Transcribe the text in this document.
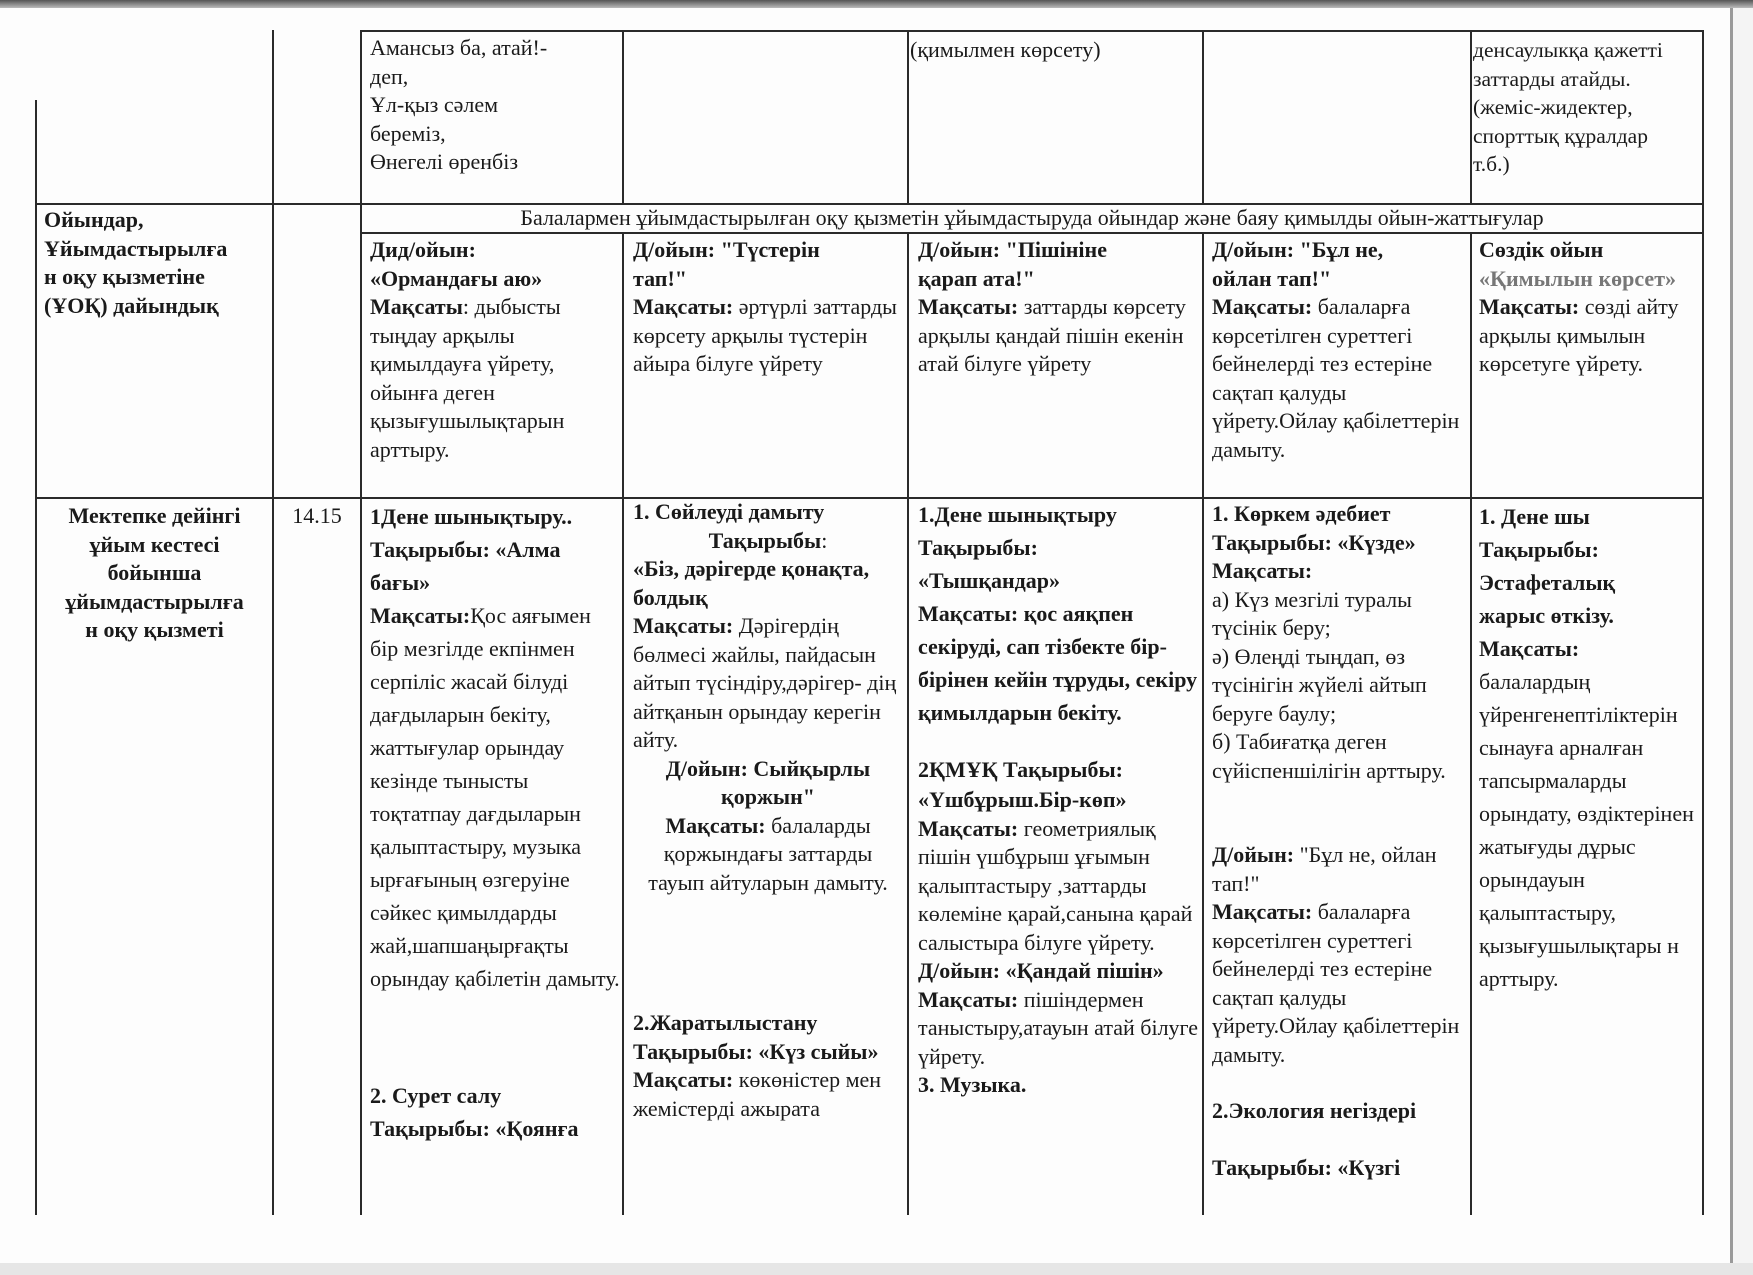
Амансыз ба, атай!-
деп,
Ұл-қыз сәлем
береміз,
Өнегелі өренбіз
(қимылмен көрсету)	денсаулыкқа қажетті
заттарды атайды.
(жеміс-жидектер,
спорттық құралдар
т.б.)
Ойындар,
Ұйымдастырылға
н оқу қызметіне
(ҰОҚ) дайындық
Балалармен ұйымдастырылған оқу қызметін ұйымдастыруда ойындар және баяу қимылды ойын-жаттығулар
Дид/ойын:
«Ормандағы аю»
Мақсаты: дыбысты тыңдау арқылы қимылдауға үйрету, ойынға деген қызығушылықтарын арттыру.
Д/ойын: "Түстерін
тап!"
Мақсаты: әртүрлі заттарды көрсету арқылы түстерін айыра білуге үйрету
Д/ойын: "Пішініне
қарап ата!"
Мақсаты: заттарды көрсету арқылы қандай пішін екенін атай білуге үйрету
Д/ойын: "Бұл не,
ойлан тап!"
Мақсаты: балаларға көрсетілген суреттегі бейнелерді тез естеріне сақтап қалуды үйрету.Ойлау қабілеттерін дамыту.
Сөздік ойын
«Қимылын көрсет» Мақсаты: сөзді айту арқылы қимылын көрсетуге үйрету.
Мектепке дейінгі
ұйым кестесі
бойынша
ұйымдастырылға
н оқу қызметі
14.15	1Дене шынықтыру..
Тақырыбы: «Алма бағы»
Мақсаты:Қос аяғымен бір мезгілде екпінмен серпіліс жасай білуді дағдыларын бекіту, жаттығулар орындау кезінде тынысты тоқтатпау дағдыларын қалыптастыру, музыка ырғағының өзгеруіне сәйкес қимылдарды жай,шапшаңырғақты орындау қабілетін дамыту.
2. Сурет салу
Тақырыбы: «Қоянға
1. Сөйлеуді дамыту
Тақырыбы:
«Біз, дәрігерде қонақта, болдық
Мақсаты: Дәрігердің бөлмесі жайлы, пайдасын айтып түсіндіру,дәрігер- дің айтқанын орындау керегін айту.
Д/ойын: Сыйқырлы қоржын"
Мақсаты: балаларды қоржындағы заттарды тауып айтуларын дамыту.
2.Жаратылыстану
Тақырыбы: «Күз сыйы»
Мақсаты: көкөністер мен жемістерді ажырата
1.Дене шынықтыру
Тақырыбы:
«Тышқандар»
Мақсаты: қос аяқпен секіруді, сап тізбекте бір-бірінен кейін тұруды, секіру қимылдарын бекіту.
2ҚМҰҚ Тақырыбы:
«Үшбұрыш.Бір-көп»
Мақсаты: геометриялық пішін үшбұрыш ұғымын қалыптастыру ,заттарды көлеміне қарай,санына қарай салыстыра білуге үйрету.
Д/ойын: «Қандай пішін»
Мақсаты: пішіндермен таныстыру,атауын атай білуге үйрету.
3. Музыка.
1. Көркем әдебиет
Тақырыбы: «Күзде»
Мақсаты:
а) Күз мезгілі туралы түсінік беру;
ә) Өлеңді тыңдап, өз түсінігін жүйелі айтып беруге баулу;
б) Табиғатқа деген сүйіспеншілігін арттыру.
Д/ойын: "Бұл не, ойлан тап!"
Мақсаты: балаларға көрсетілген суреттегі бейнелерді тез естеріне сақтап қалуды үйрету.Ойлау қабілеттерін дамыту.
2.Экология негіздері
Тақырыбы: «Күзгі
1. Дене шы
Тақырыбы:
Эстафеталық
жарыс өткізу.
Мақсаты:
балалардың үйренгенептіліктерін сынауға арналған тапсырмаларды орындату, өздіктерінен жатығуды дұрыс орындауын қалыптастыру, қызығушылықтары н арттыру.
